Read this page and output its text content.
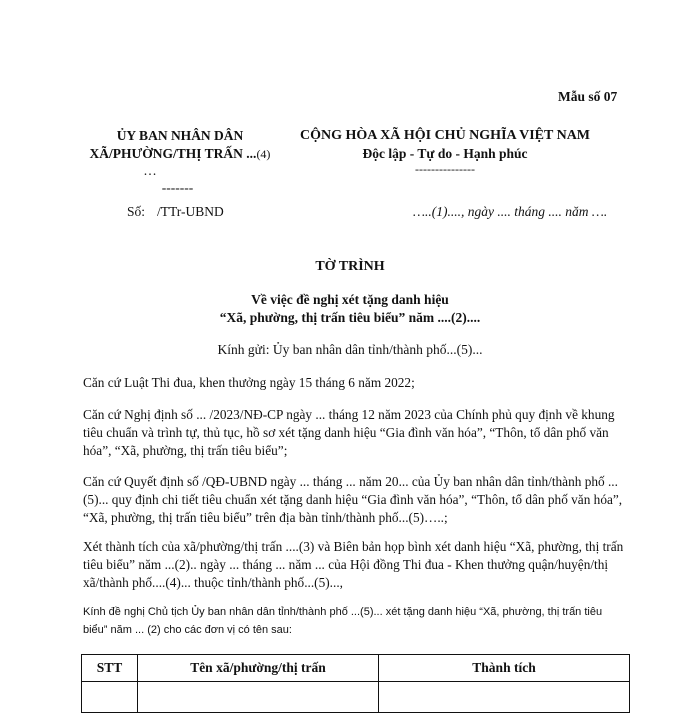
Mẫu số 07
ỦY BAN NHÂN DÂN
XÃ/PHƯỜNG/THỊ TRẤN ...(4)
…
-------
CỘNG HÒA XÃ HỘI CHỦ NGHĨA VIỆT NAM
Độc lập - Tự do - Hạnh phúc
---------------
Số: /TTr-UBND	…..(1)...., ngày .... tháng .... năm ….
TỜ TRÌNH
Về việc đề nghị xét tặng danh hiệu
“Xã, phường, thị trấn tiêu biểu” năm ....(2)....
Kính gửi: Ủy ban nhân dân tỉnh/thành phố...(5)...
Căn cứ Luật Thi đua, khen thưởng ngày 15 tháng 6 năm 2022;
Căn cứ Nghị định số ... /2023/NĐ-CP ngày ... tháng 12 năm 2023 của Chính phủ quy định về khung tiêu chuẩn và trình tự, thủ tục, hồ sơ xét tặng danh hiệu “Gia đình văn hóa”, “Thôn, tổ dân phố văn hóa”, “Xã, phường, thị trấn tiêu biểu”;
Căn cứ Quyết định số /QĐ-UBND ngày ... tháng ... năm 20... của Ủy ban nhân dân tỉnh/thành phố ...(5)... quy định chi tiết tiêu chuẩn xét tặng danh hiệu “Gia đình văn hóa”, “Thôn, tổ dân phố văn hóa”, “Xã, phường, thị trấn tiêu biểu” trên địa bàn tỉnh/thành phố...(5)…..;
Xét thành tích của xã/phường/thị trấn ....(3) và Biên bản họp bình xét danh hiệu “Xã, phường, thị trấn tiêu biểu” năm ...(2).. ngày ... tháng ... năm ... của Hội đồng Thi đua - Khen thưởng quận/huyện/thị xã/thành phố....(4)... thuộc tỉnh/thành phố...(5)...,
Kính đề nghị Chủ tịch Ủy ban nhân dân tỉnh/thành phố ...(5)... xét tặng danh hiệu “Xã, phường, thị trấn tiêu biểu” năm ... (2) cho các đơn vị có tên sau:
STT	Tên xã/phường/thị trấn	Thành tích
